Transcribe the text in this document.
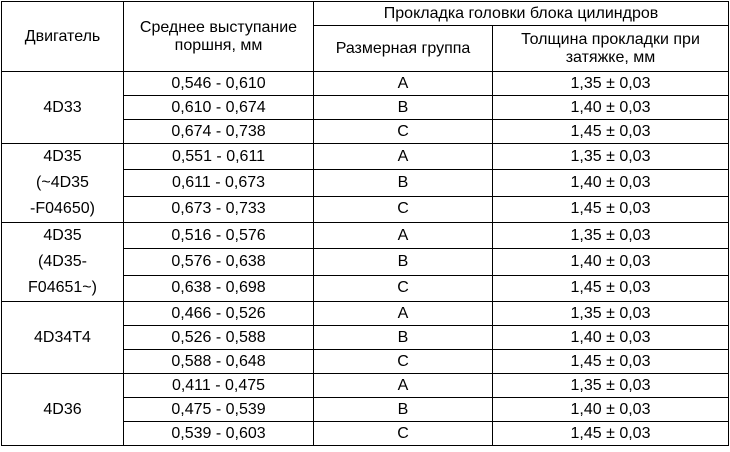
Двигатель	Среднее выступание поршня, мм	Прокладка головки блока цилиндров	
		Размерная группа	Толщина прокладки при затяжке, мм

4D33	0,546 - 0,610	A	1,35 ± 0,03
	0,610 - 0,674	B	1,40 ± 0,03
	0,674 - 0,738	C	1,45 ± 0,03

4D35
(~4D35
-F04650)	0,551 - 0,611	A	1,35 ± 0,03
	0,611 - 0,673	B	1,40 ± 0,03
	0,673 - 0,733	C	1,45 ± 0,03

4D35
(4D35-
F04651~)	0,516 - 0,576	A	1,35 ± 0,03
	0,576 - 0,638	B	1,40 ± 0,03
	0,638 - 0,698	C	1,45 ± 0,03

4D34T4	0,466 - 0,526	A	1,35 ± 0,03
	0,526 - 0,588	B	1,40 ± 0,03
	0,588 - 0,648	C	1,45 ± 0,03

4D36	0,411 - 0,475	A	1,35 ± 0,03
	0,475 - 0,539	B	1,40 ± 0,03
	0,539 - 0,603	C	1,45 ± 0,03
